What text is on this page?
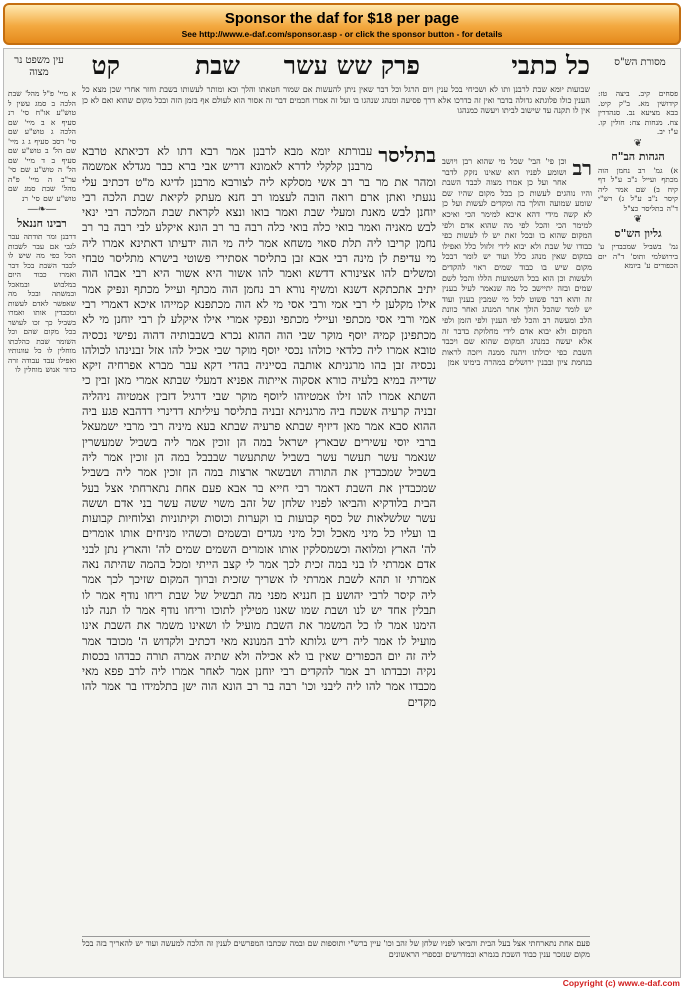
Sponsor the daf for $18 per page
See http://www.e-daf.com/sponsor.asp - or click the sponsor button - for details
מסורת הש"ס
כל כתבי
פרק שש עשר
שבת
קט
עין משפט נר מצוה
שבועות יומא שבת לרבנן ותו לא ושכיחי בכל ענין ויום הרגל וכל דבר שאין ניתן להעשות אם שמור חטאתו והלך ובא ומותר לעשותו בשבת וחזר אחרי שכן מצא כל הענין כולו פלוגתא גדולה בדבר ואין זה כדרכו אלא דרך פסיעה ומנהג שנהגו בו ועל זה אמרו חכמים דבר זה אסור הוא לעולם אף בזמן הזה ובכל מקום שהוא ואם לא כן אין לו תקנה עד שישוב לביתו ויעשה כמנהגו
פסחים קיב. ביצה טז: קידושין מא. ב"ק קיט. בבא מציעא נב. סנהדרין צח. מנחות צח: חולין קו. ע"ז יב.
❦
הגהות הב"ח
א) גמ' רב נחמן הוה מכתף ועייל נ"ב ע"ל דף קיח ב) שם אמר ליה קיסר נ"ב ע"ל ג) רש"י ד"ה בתליסר כצ"ל
❦
גליון הש"ס
גמ' בשביל שמכבדין ע' בירושלמי ותוס' ד"ה יום הכפורים ע' ביומא
רב
וכן פי' הבי' שכל מי שהוא רבן ויושב ושומע לפניו הוא שאינו נזקק לדבר אחר ועל כן אמרו מצוה לכבד השבת והיו נוהגים לעשות כן בכל מקום שהיו שם שומע שמועה והולך בה ומקדים לעשות ועל כן לא קשה מידי דהא איכא למימר הכי ואיכא למימר הכי והכל לפי מה שהוא אדם ולפי המקום שהוא בו ובכל זאת יש לו לעשות כפי כבודו של שבת ולא יבוא לידי זלזול כלל ואפילו במקום שאין מנהג כלל ועוד יש לומר דבכל מקום שיש בו כבוד שמים ראוי להקדים ולעשות וכן הוא בכל השמועות הללו והכל לשם שמים ובזה יתיישב כל מה שנאמר לעיל בענין זה והוא דבר פשוט לכל מי שמבין בענין ועוד יש לומר שהכל הולך אחר המנהג ואחר כוונת הלב ומעשה רב והכל לפי הענין ולפי הזמן ולפי המקום ולא יבוא אדם לידי מחלוקת בדבר זה אלא יעשה כמנהג המקום שהוא שם ויכבד השבת כפי יכולתו ויהנה ממנה ויזכה לראות בנחמת ציון ובבנין ירושלים במהרה בימינו אמן
בתליסר
עבורתא יומא מבא לרבנן אמר רבא דתו לא דכיאתא טרבא מרבנן קלקלי לדרא לאמונא דריש אבי ברא כבר מגדלא אמשמה ומהר את מר בר רב אשי מסלקא ליה לצורבא מרבנן לדיגא מ"ט דכתיב עלי נגעתי ואתן ארם רואה הובה לעצמו רב חנא מעתק לקיאת שבת הלכה רבי יוחנן לבש מאנת ומעלי שבת ואמר בואו ונצא לקראת שבת המלכה רבי ינאי לבש מאניה ואמר בואי כלה בואי כלה רבה בר רב הונא איקלע לבי רבה בר רב נחמן קריבו ליה תלת סאוי משחא אמר ליה מי הוה ידעיתו דאתינא אמרו ליה מי עדיפת לן מינה רבי אבא זבן בתליסר אסתירי פשוטי בישרא מתליסר טבחי ומשלים להו אצינורא דדשא ואמר להו אשור היא אשור היא רבי אבהו הוה יתיב אתכתקא דשנא ומשיף נורא רב נחמן הוה מכתף ועייל מכתף ונפיק אמר אילו מקלען לי רבי אמי ורבי אסי מי לא הוה מכתפנא קמייהו איכא דאמרי רבי אמי ורבי אסי מכתפי ועיילי מכתפי ונפקי אמרי אילו איקלע לן רבי יוחנן מי לא מכתפינן קמיה יוסף מוקר שבי הוה ההוא נכרא בשבבותיה דהוה נפישי נכסיה טובא אמרו ליה כלדאי כולהו נכסי יוסף מוקר שבי אכיל להו אזל זבנינהו לכולהו נכסיה זבן בהו מרגניתא אותבה בסייניה בהדי דקא עבר מברא אפרחיה זיקא שדייה במיא בלעיה כורא אסקוה אייתוה אפניא דמעלי שבתא אמרי מאן זבין כי השתא אמרו להו זילו אמטיוהו ליוסף מוקר שבי דרגיל דזבין אמטיוה ניהליה זבניה קרעיה אשכח ביה מרגניתא זבניה בתליסר עיליתא דדינרי דדהבא פגע ביה ההוא סבא אמר מאן דיזיף שבתא פרעיה שבתא בעא מיניה רבי מרבי ישמעאל ברבי יוסי עשירים שבארץ ישראל במה הן זוכין אמר ליה בשביל שמעשרין שנאמר עשר תעשר עשר בשביל שתתעשר שבבבל במה הן זוכין אמר ליה בשביל שמכבדין את התורה ושבשאר ארצות במה הן זוכין אמר ליה בשביל שמכבדין את השבת דאמר רבי חייא בר אבא פעם אחת נתארחתי אצל בעל הבית בלודקיא והביאו לפניו שלחן של זהב משוי ששה עשר בני אדם וששה עשר שלשלאות של כסף קבועות בו וקערות וכוסות וקיתוניות וצלוחיות קבועות בו ועליו כל מיני מאכל וכל מיני מגדים ובשמים וכשהיו מניחים אותו אומרים לה' הארץ ומלואה וכשמסלקין אותו אומרים השמים שמים לה' והארץ נתן לבני אדם אמרתי לו בני במה זכית לכך אמר לי קצב הייתי ומכל בהמה שהיתה נאה אמרתי זו תהא לשבת אמרתי לו אשריך שזכית וברוך המקום שזיכך לכך אמר ליה קיסר לרבי יהושע בן חנניא מפני מה תבשיל של שבת ריחו נודף אמר לו תבלין אחד יש לנו ושבת שמו שאנו מטילין לתוכו וריחו נודף אמר לו תנה לנו הימנו אמר לו כל המשמר את השבת מועיל לו ושאינו משמר את השבת אינו מועיל לו אמר ליה ריש גלותא לרב המנונא מאי דכתיב ולקדוש ה' מכובד אמר ליה זה יום הכפורים שאין בו לא אכילה ולא שתיה אמרה תורה כבדהו בכסות נקיה וכבדתו רב אמר להקדים רבי יוחנן אמר לאחר אמרו ליה לרב פפא מאי מכבדו אמר להו ליה ליבני וכו' רבה בר רב הונא הוה ישן בתלמידו בר אמר להו מקדים
א מיי' פ"ל מהל' שבת הלכה ב סמג עשין ל טוש"ע או"ח סי' רנ סעיף א ב מיי' שם הלכה ג טוש"ע שם סי' רסב סעיף ג ג מיי' שם הל' ב טוש"ע שם סעיף ב ד מיי' שם הל' ה טוש"ע שם סי' ער"ב ה מיי' פ"ה מהל' שבת סמג שם טוש"ע שם סי' רנ
―❧―
רבינו חננאל
דרבנן ומר תודתה עבר לגבי אם עבר לשבות הכל כפי מה שיש לו לכבד השבת בכל דבר ואמרו כבוד היום במלבוש ובמאכל ובמשתה ובכל מה שאפשר לאדם לעשות ומכבדין אותו ואמרו בשביל כך זכו לעושר בכל מקום שהם וכל השומר שבת כהלכתו מוחלין לו כל עוונותיו ואפילו עבד עבודה זרה כדור אנוש מוחלין לו
פעם אחת נתארחתי אצל בעל הבית והביאו לפניו שלחן של זהב וכו' עיין ברש"י ותוספות שם ובמה שכתבו המפרשים לענין זה הלכה למעשה ועוד יש להאריך בזה בכל מקום שנזכר ענין כבוד השבת בגמרא ובמדרשים ובספרי הראשונים
Copyright (c) www.e-daf.com
